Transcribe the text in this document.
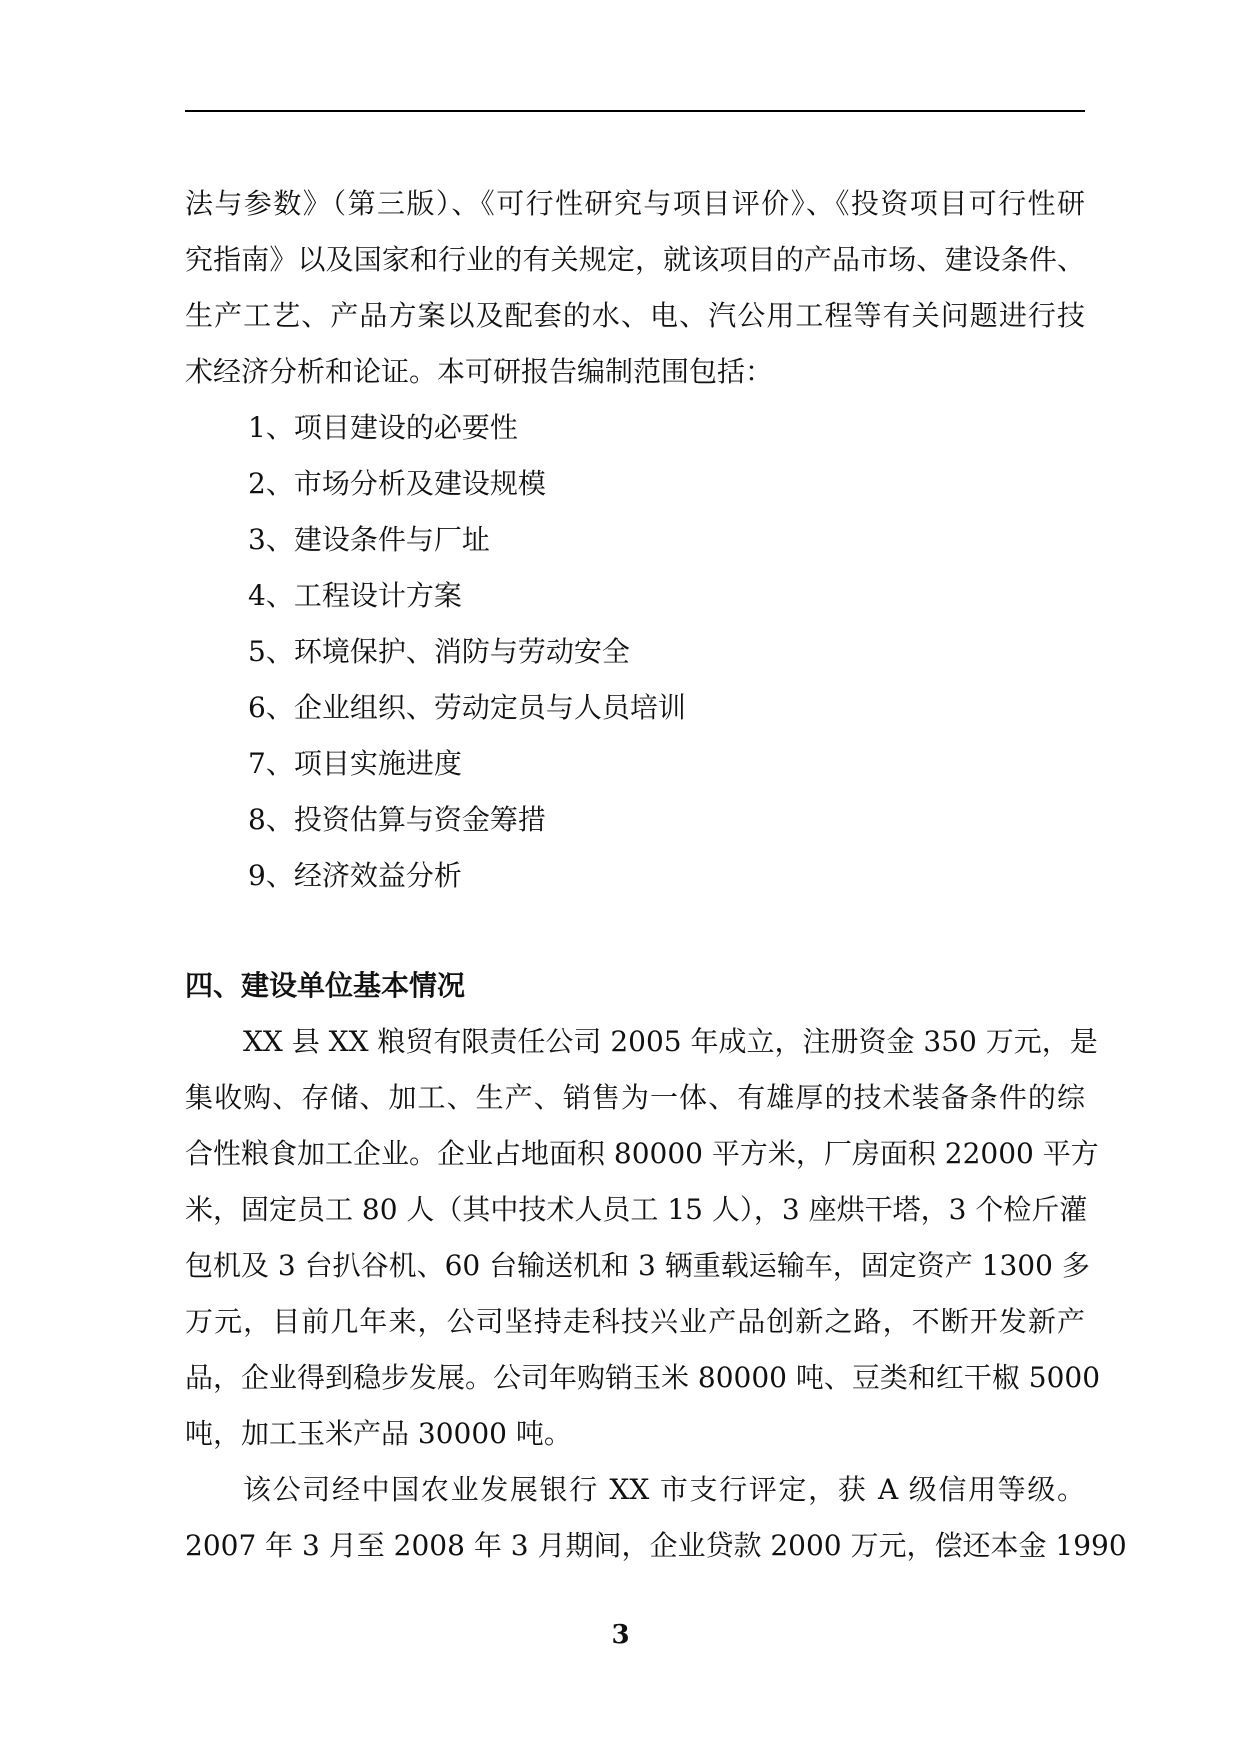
法与参数》（第三版）、《可行性研究与项目评价》、《投资项目可行性研
究指南》以及国家和行业的有关规定，就该项目的产品市场、建设条件、
生产工艺、产品方案以及配套的水、电、汽公用工程等有关问题进行技
术经济分析和论证。本可研报告编制范围包括：
1、项目建设的必要性
2、市场分析及建设规模
3、建设条件与厂址
4、工程设计方案
5、环境保护、消防与劳动安全
6、企业组织、劳动定员与人员培训
7、项目实施进度
8、投资估算与资金筹措
9、经济效益分析
四、建设单位基本情况
XX 县 XX 粮贸有限责任公司 2005 年成立，注册资金 350 万元，是
集收购、存储、加工、生产、销售为一体、有雄厚的技术装备条件的综
合性粮食加工企业。企业占地面积 80000 平方米，厂房面积 22000 平方
米，固定员工 80 人（其中技术人员工 15 人），3 座烘干塔，3 个检斤灌
包机及 3 台扒谷机、60 台输送机和 3 辆重载运输车，固定资产 1300 多
万元，目前几年来，公司坚持走科技兴业产品创新之路，不断开发新产
品，企业得到稳步发展。公司年购销玉米 80000 吨、豆类和红干椒 5000
吨，加工玉米产品 30000 吨。
该公司经中国农业发展银行 XX 市支行评定，获 A 级信用等级。
2007 年 3 月至 2008 年 3 月期间，企业贷款 2000 万元，偿还本金 1990
3
